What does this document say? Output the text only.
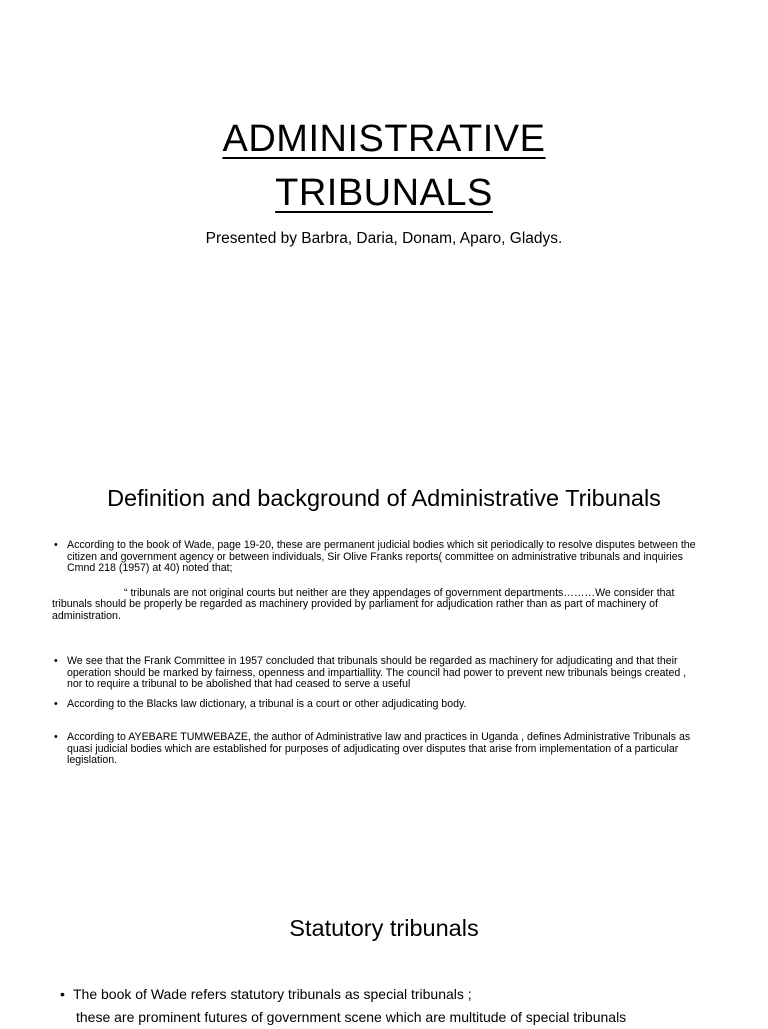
ADMINISTRATIVE
TRIBUNALS
Presented by Barbra, Daria, Donam, Aparo, Gladys.
Definition and background of Administrative Tribunals
• According to the book of Wade, page 19-20, these are permanent judicial bodies which sit periodically to resolve disputes between the citizen and government agency or between individuals, Sir Olive Franks reports( committee on administrative tribunals and inquiries Cmnd 218 (1957) at 40) noted that;
“ tribunals are not original courts but neither are they appendages of government departments………We consider that tribunals should be properly be regarded as machinery provided by parliament for adjudication rather than as part of machinery of administration.
• We see that the Frank Committee in 1957 concluded that tribunals should be regarded as machinery for adjudicating and that their operation should be marked by fairness, openness and impartiallity. The council had power to prevent new tribunals beings created , nor to require a tribunal to be abolished that had ceased to serve a useful
• According to the Blacks law dictionary, a tribunal is a court or other adjudicating body.
• According to AYEBARE TUMWEBAZE, the author of Administrative law and practices in Uganda , defines Administrative Tribunals as quasi judicial bodies which are established for purposes of adjudicating over disputes that arise from implementation of a particular legislation.
Statutory tribunals
• The book of Wade refers statutory tribunals as special tribunals ;
these are prominent futures of government scene which are multitude of special tribunals
